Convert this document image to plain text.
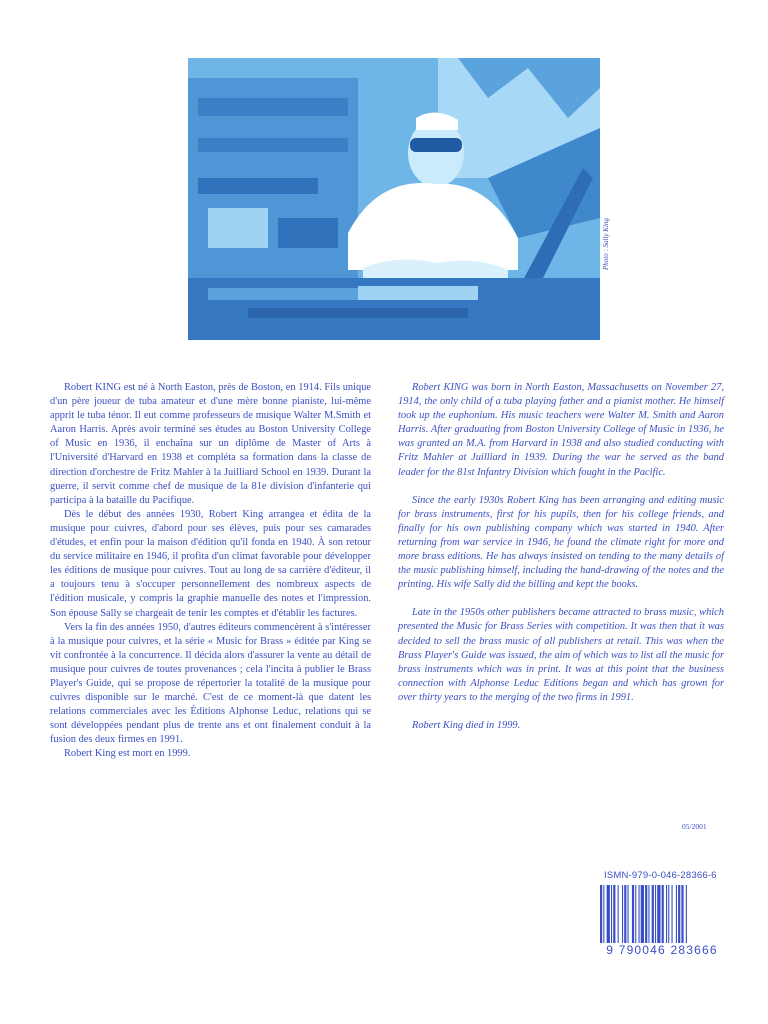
Photo : Sally King

Robert KING est né à North Easton, près de Boston, en 1914. Fils unique d'un père joueur de tuba amateur et d'une mère bonne pianiste, lui-même apprit le tuba ténor. Il eut comme professeurs de musique Walter M.Smith et Aaron Harris. Après avoir terminé ses études au Boston University College of Music en 1936, il enchaîna sur un diplôme de Master of Arts à l'Université d'Harvard en 1938 et compléta sa formation dans la classe de direction d'orchestre de Fritz Mahler à la Juilliard School en 1939. Durant la guerre, il servit comme chef de musique de la 81e division d'infanterie qui participa à la bataille du Pacifique.

Dès le début des années 1930, Robert King arrangea et édita de la musique pour cuivres, d'abord pour ses élèves, puis pour ses camarades d'études, et enfin pour la maison d'édition qu'il fonda en 1940. À son retour du service militaire en 1946, il profita d'un climat favorable pour développer les éditions de musique pour cuivres. Tout au long de sa carrière d'éditeur, il a toujours tenu à s'occuper personnellement des nombreux aspects de l'édition musicale, y compris la graphie manuelle des notes et l'impression. Son épouse Sally se chargeait de tenir les comptes et d'établir les factures.

Vers la fin des années 1950, d'autres éditeurs commencèrent à s'intéresser à la musique pour cuivres, et la série « Music for Brass » éditée par King se vit confrontée à la concurrence. Il décida alors d'assurer la vente au détail de musique pour cuivres de toutes provenances ; cela l'incita à publier le Brass Player's Guide, qui se propose de répertorier la totalité de la musique pour cuivres disponible sur le marché. C'est de ce moment-là que datent les relations commerciales avec les Éditions Alphonse Leduc, relations qui se sont développées pendant plus de trente ans et ont finalement conduit à la fusion des deux firmes en 1991.

Robert King est mort en 1999.

Robert KING was born in North Easton, Massachusetts on November 27, 1914, the only child of a tuba playing father and a pianist mother. He himself took up the euphonium. His music teachers were Walter M. Smith and Aaron Harris. After graduating from Boston University College of Music in 1936, he was granted an M.A. from Harvard in 1938 and also studied conducting with Fritz Mahler at Juilliard in 1939. During the war he served as the band leader for the 81st Infantry Division which fought in the Pacific.

Since the early 1930s Robert King has been arranging and editing music for brass instruments, first for his pupils, then for his college friends, and finally for his own publishing company which was started in 1940. After returning from war service in 1946, he found the climate right for more and more brass editions. He has always insisted on tending to the many details of the music publishing himself, including the hand-drawing of the notes and the printing. His wife Sally did the billing and kept the books.

Late in the 1950s other publishers became attracted to brass music, which presented the Music for Brass Series with competition. It was then that it was decided to sell the brass music of all publishers at retail. This was when the Brass Player's Guide was issued, the aim of which was to list all the music for brass instruments which was in print. It was at this point that the business connection with Alphonse Leduc Editions began and which has grown for over thirty years to the merging of the two firms in 1991.

Robert King died in 1999.

05/2001
ISMN-979-0-046-28366-6
9 790046 283666
